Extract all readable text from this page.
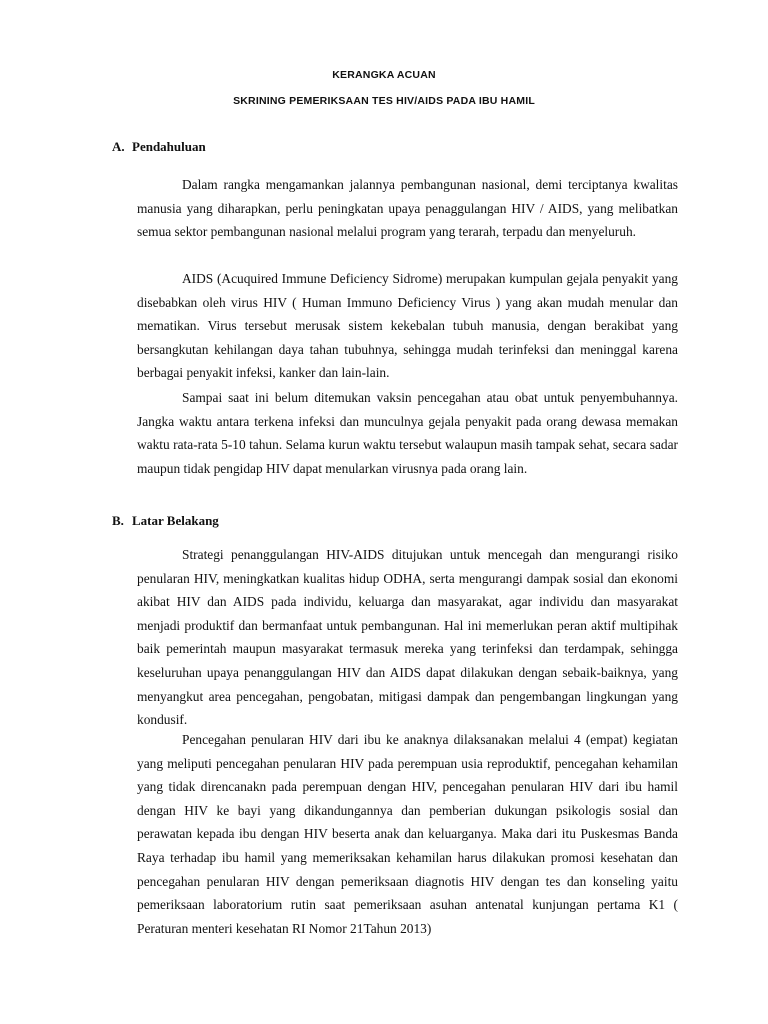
KERANGKA ACUAN
SKRINING PEMERIKSAAN TES HIV/AIDS PADA IBU HAMIL
A. Pendahuluan

Dalam rangka mengamankan jalannya pembangunan nasional, demi terciptanya kwalitas manusia yang diharapkan, perlu peningkatan upaya penaggulangan HIV / AIDS, yang melibatkan semua sektor pembangunan nasional melalui program yang terarah, terpadu dan menyeluruh.

AIDS (Acuquired Immune Deficiency Sidrome) merupakan kumpulan gejala penyakit yang disebabkan oleh virus HIV ( Human Immuno Deficiency Virus ) yang akan mudah menular dan mematikan. Virus tersebut merusak sistem kekebalan tubuh manusia, dengan berakibat yang bersangkutan kehilangan daya tahan tubuhnya, sehingga mudah terinfeksi dan meninggal karena berbagai penyakit infeksi, kanker dan lain-lain.

Sampai saat ini belum ditemukan vaksin pencegahan atau obat untuk penyembuhannya. Jangka waktu antara terkena infeksi dan munculnya gejala penyakit pada orang dewasa memakan waktu rata-rata 5-10 tahun. Selama kurun waktu tersebut walaupun masih tampak sehat, secara sadar maupun tidak pengidap HIV dapat menularkan virusnya pada orang lain.

B. Latar Belakang

Strategi penanggulangan HIV-AIDS ditujukan untuk mencegah dan mengurangi risiko penularan HIV, meningkatkan kualitas hidup ODHA, serta mengurangi dampak sosial dan ekonomi akibat HIV dan AIDS pada individu, keluarga dan masyarakat, agar individu dan masyarakat menjadi produktif dan bermanfaat untuk pembangunan. Hal ini memerlukan peran aktif multipihak baik pemerintah maupun masyarakat termasuk mereka yang terinfeksi dan terdampak, sehingga keseluruhan upaya penanggulangan HIV dan AIDS dapat dilakukan dengan sebaik-baiknya, yang menyangkut area pencegahan, pengobatan, mitigasi dampak dan pengembangan lingkungan yang kondusif.

Pencegahan penularan HIV dari ibu ke anaknya dilaksanakan melalui 4 (empat) kegiatan yang meliputi pencegahan penularan HIV pada perempuan usia reproduktif, pencegahan kehamilan yang tidak direncanakn pada perempuan dengan HIV, pencegahan penularan HIV dari ibu hamil dengan HIV ke bayi yang dikandungannya dan pemberian dukungan psikologis sosial dan perawatan kepada ibu dengan HIV beserta anak dan keluarganya. Maka dari itu Puskesmas Banda Raya terhadap ibu hamil yang memeriksakan kehamilan harus dilakukan promosi kesehatan dan pencegahan penularan HIV dengan pemeriksaan diagnotis HIV dengan tes dan konseling yaitu pemeriksaan laboratorium rutin saat pemeriksaan asuhan antenatal kunjungan pertama K1 ( Peraturan menteri kesehatan RI Nomor 21Tahun 2013)
